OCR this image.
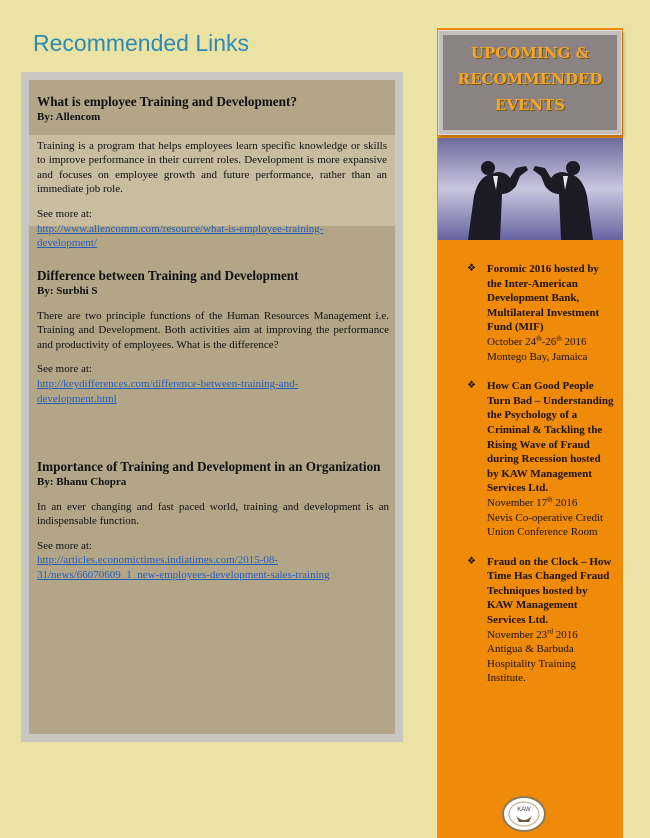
Recommended Links
What is employee Training and Development?

By: Allencom

Training is a program that helps employees learn specific knowledge or skills to improve performance in their current roles. Development is more expansive and focuses on employee growth and future performance, rather than an immediate job role.

See more at:

http://www.allencomm.com/resource/what-is-employee-training-
development/
Difference between Training and Development

By: Surbhi S

There are two principle functions of the Human Resources Management i.e. Training and Development. Both activities aim at improving the performance and productivity of employees. What is the difference?

See more at:

http://keydifferences.com/difference-between-training-and-
development.html
Importance of Training and Development in an Organization

By: Bhanu Chopra

In an ever changing and fast paced world, training and development is an indispensable function.

See more at:

http://articles.economictimes.indiatimes.com/2015-08-
31/news/66070609_1_new-employees-development-sales-training
UPCOMING &
RECOMMENDED
EVENTS
❖ Foromic 2016 hosted by the Inter-American Development Bank, Multilateral Investment Fund (MIF)
October 24th-26th 2016
Montego Bay, Jamaica
❖ How Can Good People Turn Bad – Understanding the Psychology of a Criminal & Tackling the Rising Wave of Fraud during Recession hosted by KAW Management Services Ltd.
November 17th 2016
Nevis Co-operative Credit Union Conference Room
❖ Fraud on the Clock – How Time Has Changed Fraud Techniques hosted by KAW Management Services Ltd.
November 23rd 2016
Antigua & Barbuda Hospitality Training Institute.
KAW
